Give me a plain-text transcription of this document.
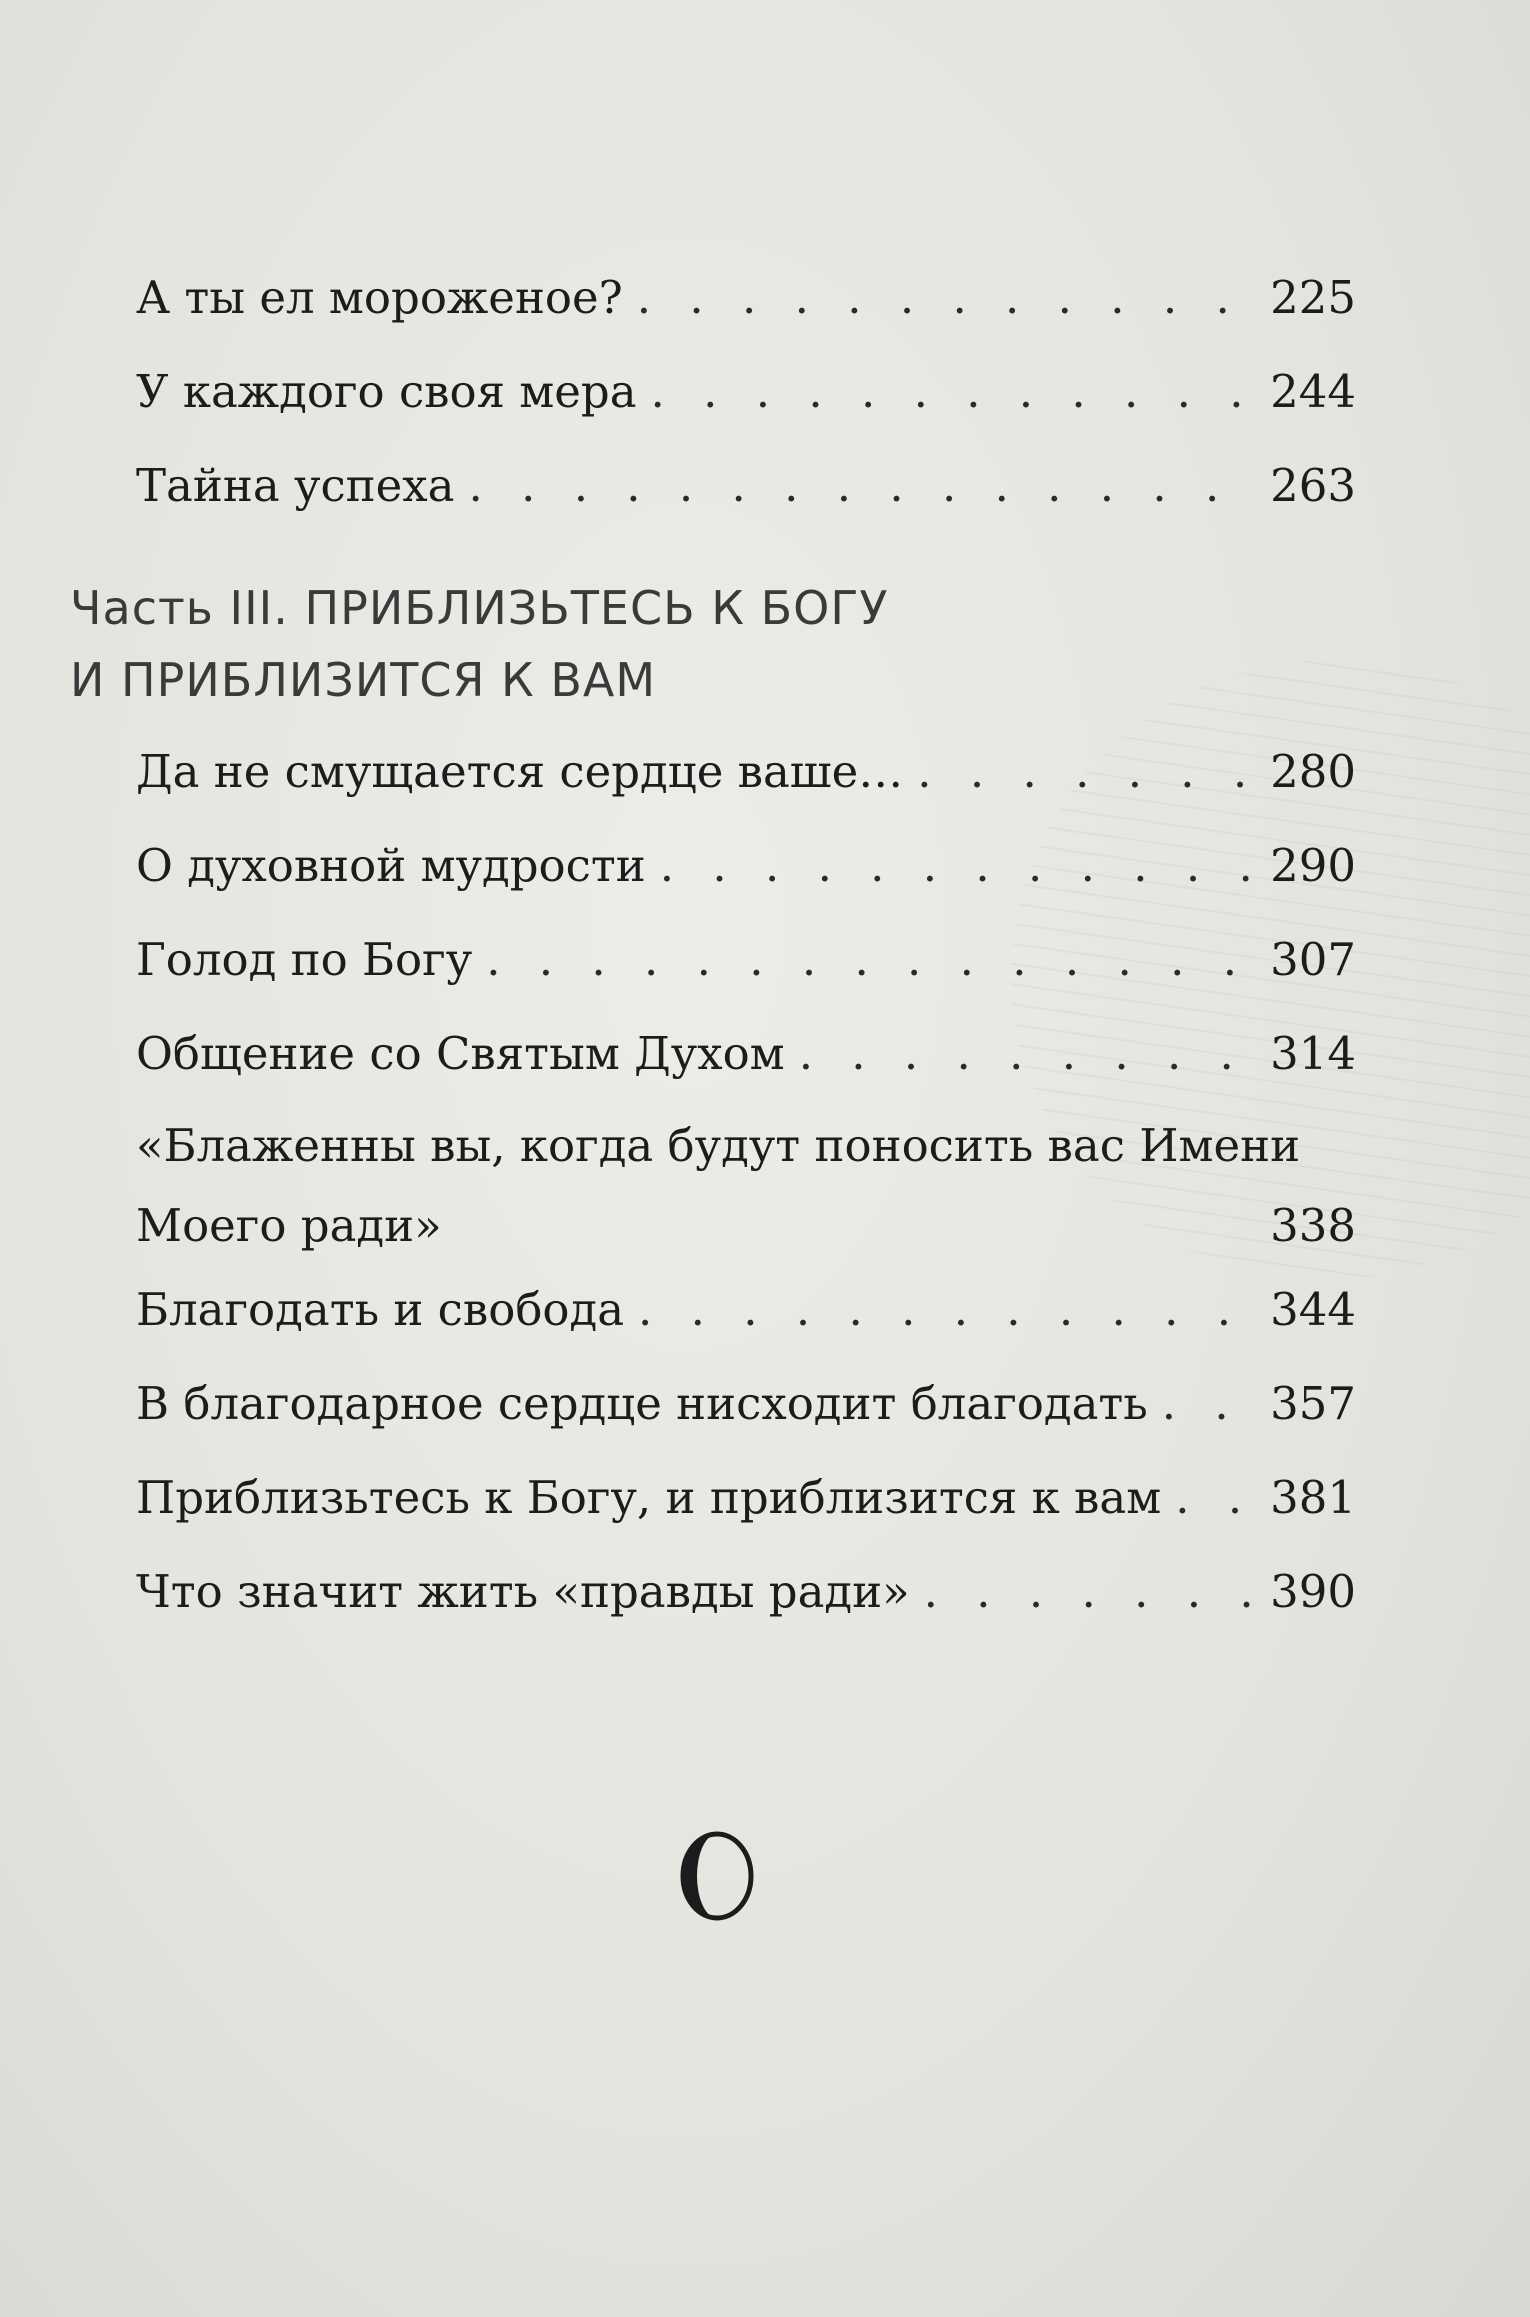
А ты ел мороженое? . . .	225
У каждого своя мера . . .	244
Тайна успеха . . .	263
Да не смущается сердце ваше… . . .	280
О духовной мудрости . . .	290
Голод по Богу . . .	307
Общение со Святым Духом . . .	314
«Блаженны вы, когда будут поносить вас Имени
Моего ради»	338
Благодать и свобода . . .	344
В благодарное сердце нисходит благодать . . .	357
Приблизьтесь к Богу, и приблизится к вам . . . 381
Что значит жить «правды ради» . . .	390
Часть III. ПРИБЛИЗЬТЕСЬ К БОГУ
И ПРИБЛИЗИТСЯ К ВАМ
